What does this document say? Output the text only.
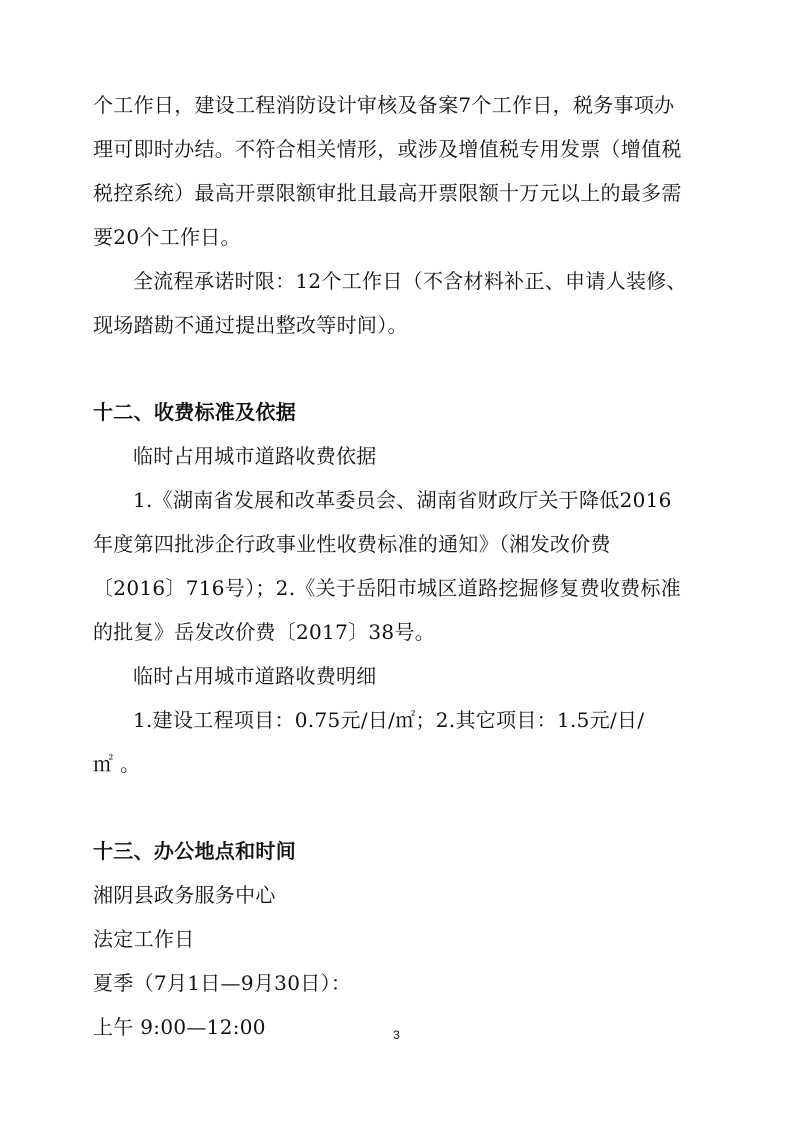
个工作日，建设工程消防设计审核及备案7个工作日，税务事项办
理可即时办结。不符合相关情形，或涉及增值税专用发票（增值税
税控系统）最高开票限额审批且最高开票限额十万元以上的最多需
要20个工作日。
全流程承诺时限：12个工作日（不含材料补正、申请人装修、
现场踏勘不通过提出整改等时间）。
十二、收费标准及依据
临时占用城市道路收费依据
1.《湖南省发展和改革委员会、湖南省财政厅关于降低2016
年度第四批涉企行政事业性收费标准的通知》（湘发改价费
〔2016〕716号）；2.《关于岳阳市城区道路挖掘修复费收费标准
的批复》岳发改价费〔2017〕38号。
临时占用城市道路收费明细
1.建设工程项目：0.75元/日/㎡；2.其它项目：1.5元/日/
㎡ 。
十三、办公地点和时间
湘阴县政务服务中心
法定工作日
夏季（7月1日—9月30日）：
上午 9:00—12:00	3
